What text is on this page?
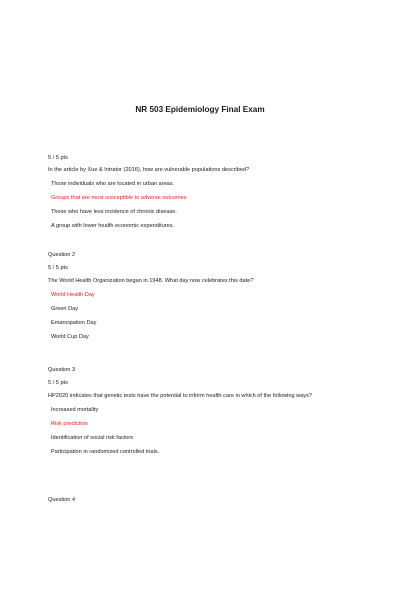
NR 503 Epidemiology Final Exam

5 / 5 pts

In the article by Xue & Intrator (2016), how are vulnerable populations described?

Those individuals who are located in urban areas.

Groups that are most susceptible to adverse outcomes

Those who have less incidence of chronic disease.

A group with lower health economic expenditures.

Question 2

5 / 5 pts

The World Health Organization began in 1948. What day now celebrates this date?

World Health Day

Green Day

Emancipation Day

World Cup Day

Question 3

5 / 5 pts

HP2020 indicates that genetic tests have the potential to inform health care in which of the following ways?

Increased mortality

Risk prediction

Identification of social risk factors

Participation in randomized controlled trials.

Question 4
